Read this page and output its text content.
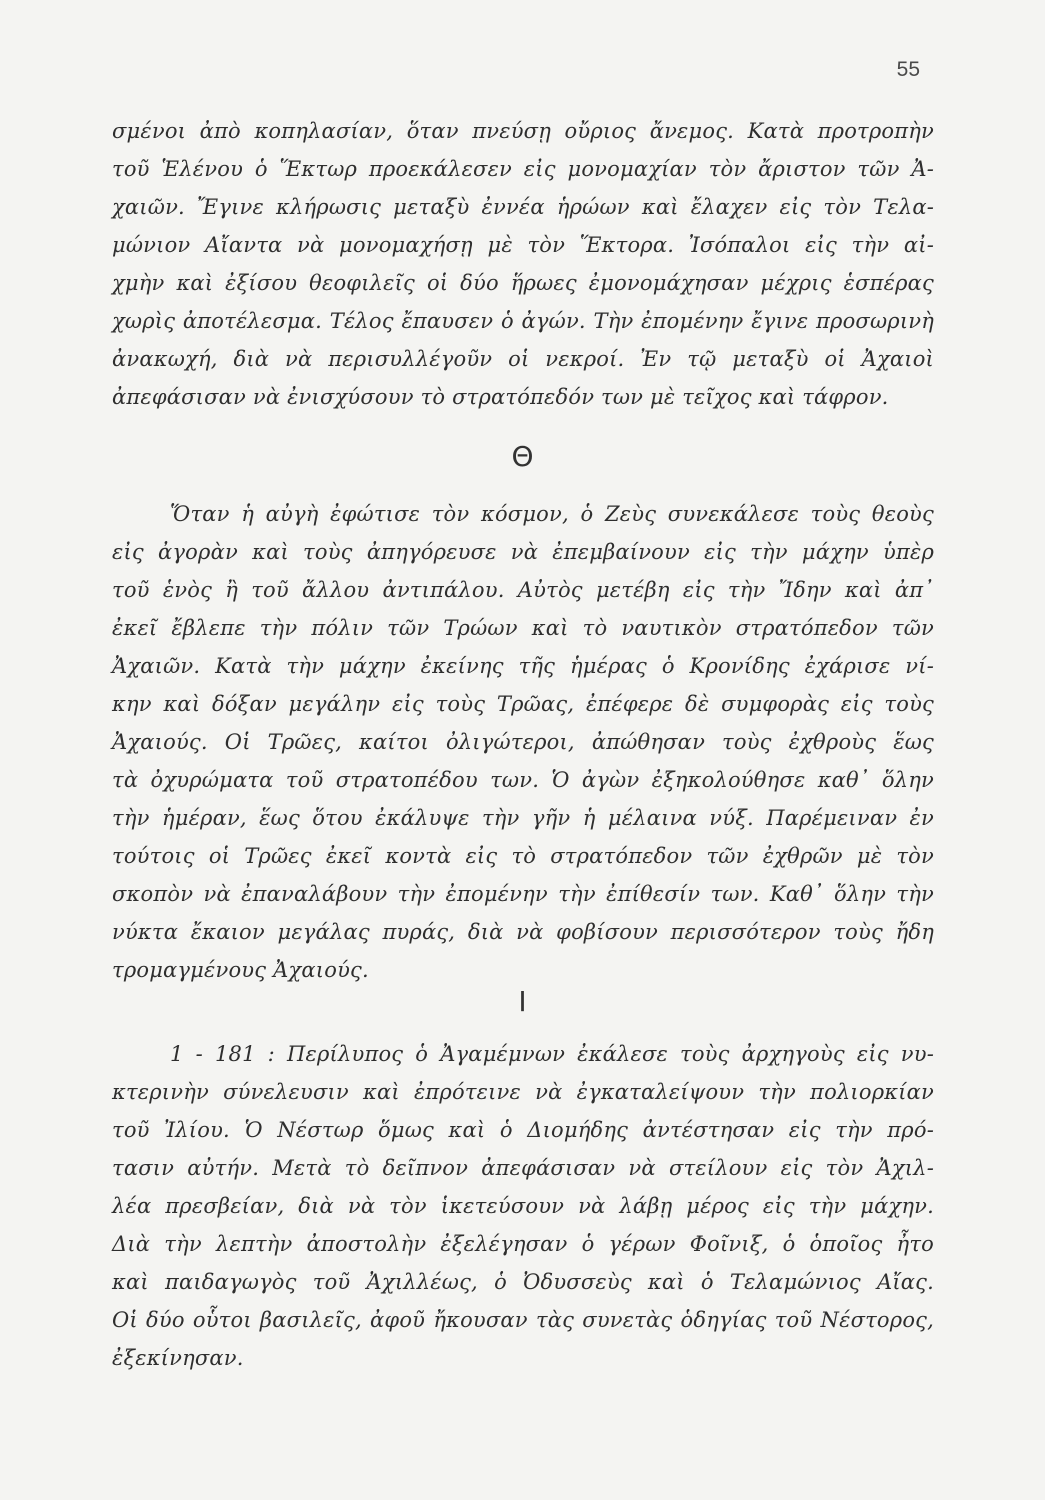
55
σμένοι ἀπὸ κοπηλασίαν, ὅταν πνεύσῃ οὔριος ἄνεμος. Κατὰ προτροπὴν
τοῦ Ἑλένου ὁ Ἕκτωρ προεκάλεσεν εἰς μονομαχίαν τὸν ἄριστον τῶν Ἀ-
χαιῶν. Ἔγινε κλήρωσις μεταξὺ ἐννέα ἡρώων καὶ ἔλαχεν εἰς τὸν Τελα-
μώνιον Αἴαντα νὰ μονομαχήσῃ μὲ τὸν Ἕκτορα. Ἰσόπαλοι εἰς τὴν αἰ-
χμὴν καὶ ἐξίσου θεοφιλεῖς οἱ δύο ἥρωες ἐμονομάχησαν μέχρις ἑσπέρας
χωρὶς ἀποτέλεσμα. Τέλος ἔπαυσεν ὁ ἀγών. Τὴν ἐπομένην ἔγινε προσωρινὴ
ἀνακωχή, διὰ νὰ περισυλλέγοῦν οἱ νεκροί. Ἐν τῷ μεταξὺ οἱ Ἀχαιοὶ
ἀπεφάσισαν νὰ ἐνισχύσουν τὸ στρατόπεδόν των μὲ τεῖχος καὶ τάφρον.
Θ
Ὅταν ἡ αὐγὴ ἐφώτισε τὸν κόσμον, ὁ Ζεὺς συνεκάλεσε τοὺς θεοὺς
εἰς ἀγορὰν καὶ τοὺς ἀπηγόρευσε νὰ ἐπεμβαίνουν εἰς τὴν μάχην ὑπὲρ
τοῦ ἑνὸς ἢ τοῦ ἄλλου ἀντιπάλου. Αὐτὸς μετέβη εἰς τὴν Ἴδην καὶ ἀπ᾽
ἐκεῖ ἔβλεπε τὴν πόλιν τῶν Τρώων καὶ τὸ ναυτικὸν στρατόπεδον τῶν
Ἀχαιῶν. Κατὰ τὴν μάχην ἐκείνης τῆς ἡμέρας ὁ Κρονίδης ἐχάρισε νί-
κην καὶ δόξαν μεγάλην εἰς τοὺς Τρῶας, ἐπέφερε δὲ συμφορὰς εἰς τοὺς
Ἀχαιούς. Οἱ Τρῶες, καίτοι ὀλιγώτεροι, ἀπώθησαν τοὺς ἐχθροὺς ἕως
τὰ ὀχυρώματα τοῦ στρατοπέδου των. Ὁ ἀγὼν ἐξηκολούθησε καθ᾽ ὅλην
τὴν ἡμέραν, ἕως ὅτου ἐκάλυψε τὴν γῆν ἡ μέλαινα νύξ. Παρέμειναν ἐν
τούτοις οἱ Τρῶες ἐκεῖ κοντὰ εἰς τὸ στρατόπεδον τῶν ἐχθρῶν μὲ τὸν
σκοπὸν νὰ ἐπαναλάβουν τὴν ἐπομένην τὴν ἐπίθεσίν των. Καθ᾽ ὅλην τὴν
νύκτα ἔκαιον μεγάλας πυράς, διὰ νὰ φοβίσουν περισσότερον τοὺς ἤδη
τρομαγμένους Ἀχαιούς.
Ι
1 - 181 : Περίλυπος ὁ Ἀγαμέμνων ἐκάλεσε τοὺς ἀρχηγοὺς εἰς νυ-
κτερινὴν σύνελευσιν καὶ ἐπρότεινε νὰ ἐγκαταλείψουν τὴν πολιορκίαν
τοῦ Ἰλίου. Ὁ Νέστωρ ὅμως καὶ ὁ Διομήδης ἀντέστησαν εἰς τὴν πρό-
τασιν αὐτήν. Μετὰ τὸ δεῖπνον ἀπεφάσισαν νὰ στείλουν εἰς τὸν Ἀχιλ-
λέα πρεσβείαν, διὰ νὰ τὸν ἱκετεύσουν νὰ λάβῃ μέρος εἰς τὴν μάχην.
Διὰ τὴν λεπτὴν ἀποστολὴν ἐξελέγησαν ὁ γέρων Φοῖνιξ, ὁ ὁποῖος ἦτο
καὶ παιδαγωγὸς τοῦ Ἀχιλλέως, ὁ Ὀδυσσεὺς καὶ ὁ Τελαμώνιος Αἴας.
Οἱ δύο οὗτοι βασιλεῖς, ἀφοῦ ἤκουσαν τὰς συνετὰς ὁδηγίας τοῦ Νέστορος,
ἐξεκίνησαν.
